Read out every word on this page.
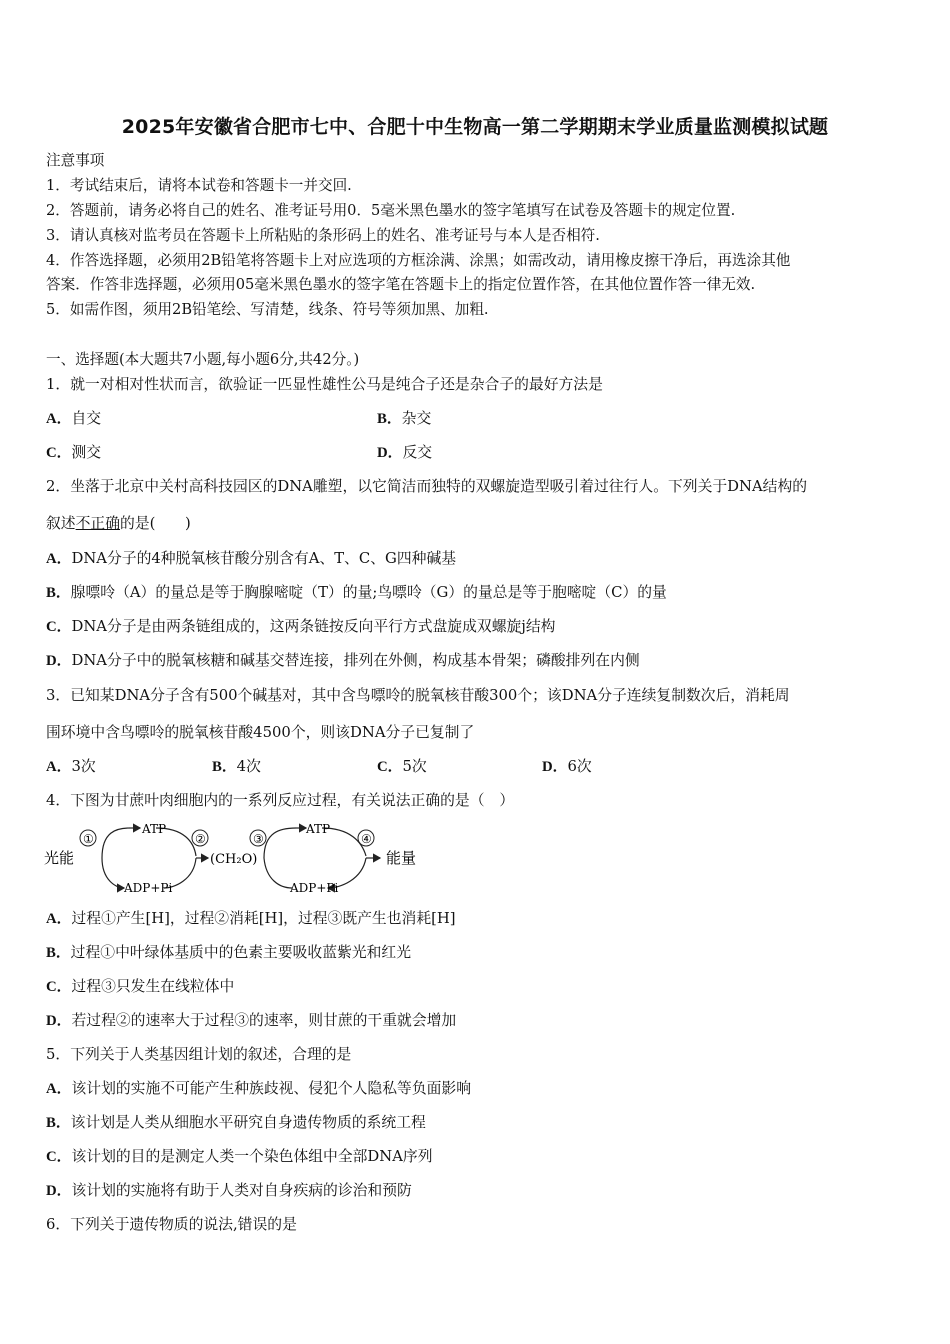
2025年安徽省合肥市七中、合肥十中生物高一第二学期期末学业质量监测模拟试题
注意事项
1．考试结束后，请将本试卷和答题卡一并交回.
2．答题前，请务必将自己的姓名、准考证号用0．5毫米黑色墨水的签字笔填写在试卷及答题卡的规定位置.
3．请认真核对监考员在答题卡上所粘贴的条形码上的姓名、准考证号与本人是否相符.
4．作答选择题，必须用2B铅笔将答题卡上对应选项的方框涂满、涂黑；如需改动，请用橡皮擦干净后，再选涂其他
答案．作答非选择题，必须用05毫米黑色墨水的签字笔在答题卡上的指定位置作答，在其他位置作答一律无效.
5．如需作图，须用2B铅笔绘、写清楚，线条、符号等须加黑、加粗.
一、选择题(本大题共7小题,每小题6分,共42分。)
1．就一对相对性状而言，欲验证一匹显性雄性公马是纯合子还是杂合子的最好方法是
A．自交	B．杂交
C．测交	D．反交
2．坐落于北京中关村高科技园区的DNA雕塑，以它简洁而独特的双螺旋造型吸引着过往行人。下列关于DNA结构的
叙述不正确的是(　　)
A．DNA分子的4种脱氧核苷酸分别含有A、T、C、G四种碱基
B．腺嘌呤（A）的量总是等于胸腺嘧啶（T）的量;鸟嘌呤（G）的量总是等于胞嘧啶（C）的量
C．DNA分子是由两条链组成的，这两条链按反向平行方式盘旋成双螺旋j结构
D．DNA分子中的脱氧核糖和碱基交替连接，排列在外侧，构成基本骨架；磷酸排列在内侧
3．已知某DNA分子含有500个碱基对，其中含鸟嘌呤的脱氧核苷酸300个；该DNA分子连续复制数次后，消耗周
围环境中含鸟嘌呤的脱氧核苷酸4500个，则该DNA分子已复制了
A．3次	B．4次	C．5次	D．6次
4．下图为甘蔗叶肉细胞内的一系列反应过程，有关说法正确的是（　）
光能
ATP
ADP+Pi
①	②
(CH₂O)
ATP
ADP+Pi
③	④
能量
A．过程①产生[H]，过程②消耗[H]，过程③既产生也消耗[H]
B．过程①中叶绿体基质中的色素主要吸收蓝紫光和红光
C．过程③只发生在线粒体中
D．若过程②的速率大于过程③的速率，则甘蔗的干重就会增加
5．下列关于人类基因组计划的叙述，合理的是
A．该计划的实施不可能产生种族歧视、侵犯个人隐私等负面影响
B．该计划是人类从细胞水平研究自身遗传物质的系统工程
C．该计划的目的是测定人类一个染色体组中全部DNA序列
D．该计划的实施将有助于人类对自身疾病的诊治和预防
6．下列关于遗传物质的说法,错误的是
